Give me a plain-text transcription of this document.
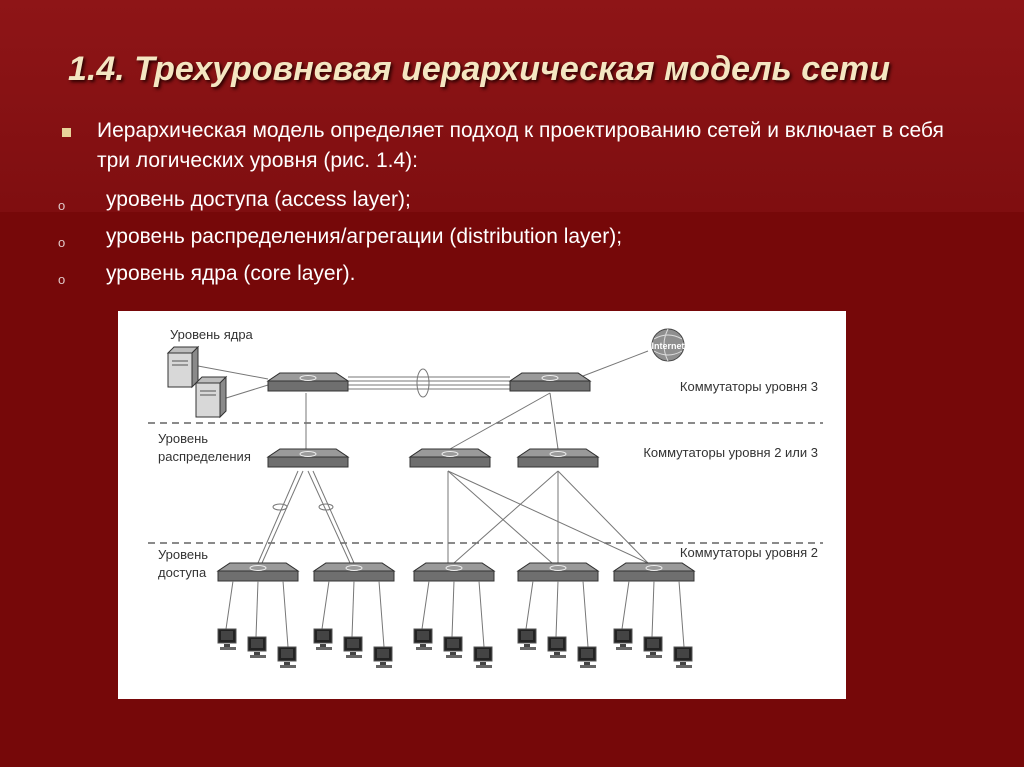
1.4. Трехуровневая иерархическая модель сети
Иерархическая модель определяет подход к проектированию сетей и включает в себя три логических уровня (рис. 1.4):
o	уровень доступа (access layer);
o	уровень распределения/агрегации (distribution layer);
o	уровень ядра (core layer).
Internet
Уровень ядра
Уровень
распределения
Уровень
доступа
Коммутаторы уровня 3
Коммутаторы уровня 2 или 3
Коммутаторы уровня 2
